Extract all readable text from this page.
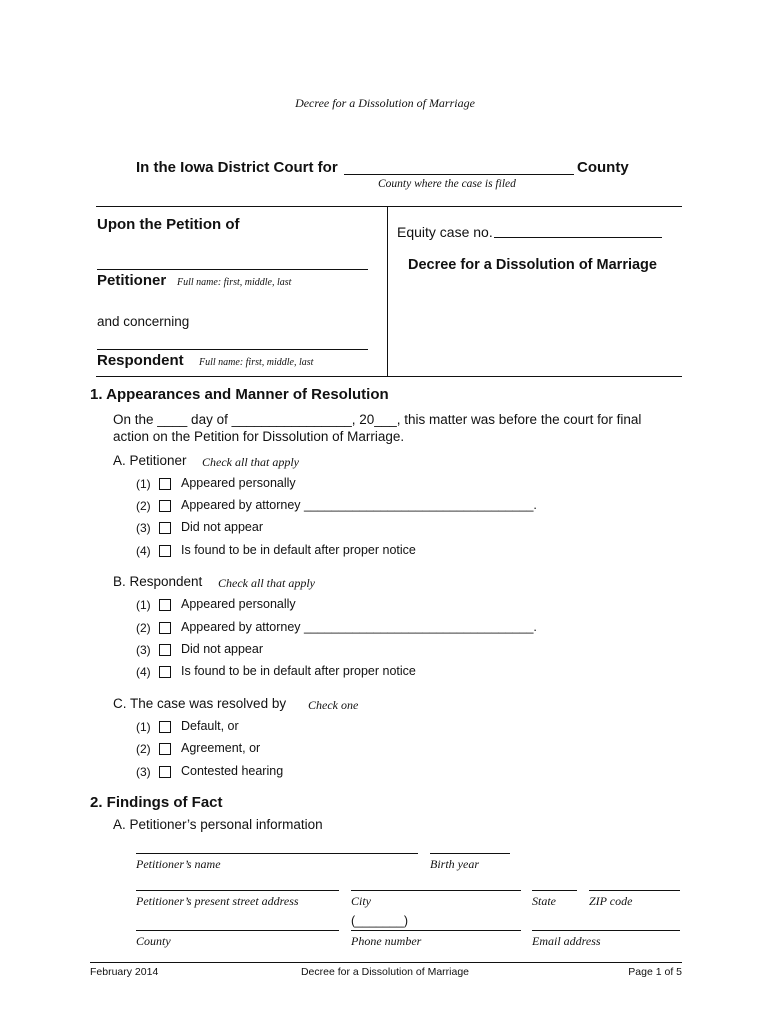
Decree for a Dissolution of Marriage
In the Iowa District Court for	County
County where the case is filed
Upon the Petition of
Petitioner Full name: first, middle, last
and concerning
Respondent Full name: first, middle, last
Equity case no.
Decree for a Dissolution of Marriage
1. Appearances and Manner of Resolution
On the ____ day of ________________, 20___, this matter was before the court for final
action on the Petition for Dissolution of Marriage.
A. Petitioner Check all that apply
(1) Appeared personally
(2) Appeared by attorney _________________________________.
(3) Did not appear
(4) Is found to be in default after proper notice
B. Respondent Check all that apply
(1) Appeared personally
(2) Appeared by attorney _________________________________.
(3) Did not appear
(4) Is found to be in default after proper notice
C. The case was resolved by Check one
(1) Default, or
(2) Agreement, or
(3) Contested hearing
2. Findings of Fact
A. Petitioner’s personal information
Petitioner’s name	Birth year
Petitioner’s present street address	City	State	ZIP code
(_______)
County	Phone number	Email address
February 2014	Decree for a Dissolution of Marriage	Page 1 of 5
